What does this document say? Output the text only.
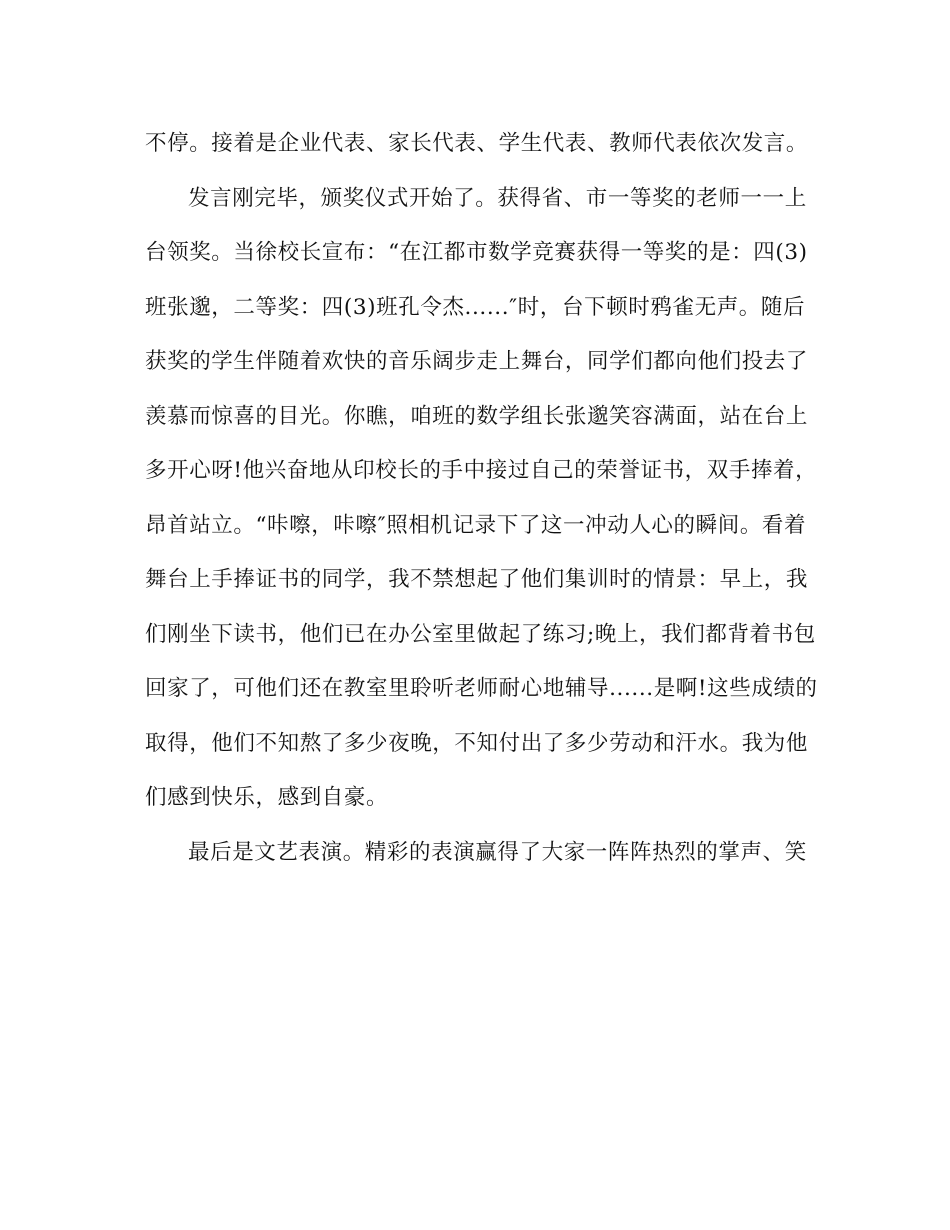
不停。接着是企业代表、家长代表、学生代表、教师代表依次发言。
发言刚完毕，颁奖仪式开始了。获得省、市一等奖的老师一一上
台领奖。当徐校长宣布：“在江都市数学竞赛获得一等奖的是：四(3)
班张邈，二等奖：四(3)班孔令杰......″时，台下顿时鸦雀无声。随后
获奖的学生伴随着欢快的音乐阔步走上舞台，同学们都向他们投去了
羡慕而惊喜的目光。你瞧，咱班的数学组长张邈笑容满面，站在台上
多开心呀!他兴奋地从印校长的手中接过自己的荣誉证书，双手捧着，
昂首站立。“咔嚓，咔嚓″照相机记录下了这一冲动人心的瞬间。看着
舞台上手捧证书的同学，我不禁想起了他们集训时的情景：早上，我
们刚坐下读书，他们已在办公室里做起了练习;晚上，我们都背着书包
回家了，可他们还在教室里聆听老师耐心地辅导......是啊!这些成绩的
取得，他们不知熬了多少夜晚，不知付出了多少劳动和汗水。我为他
们感到快乐，感到自豪。
最后是文艺表演。精彩的表演赢得了大家一阵阵热烈的掌声、笑
